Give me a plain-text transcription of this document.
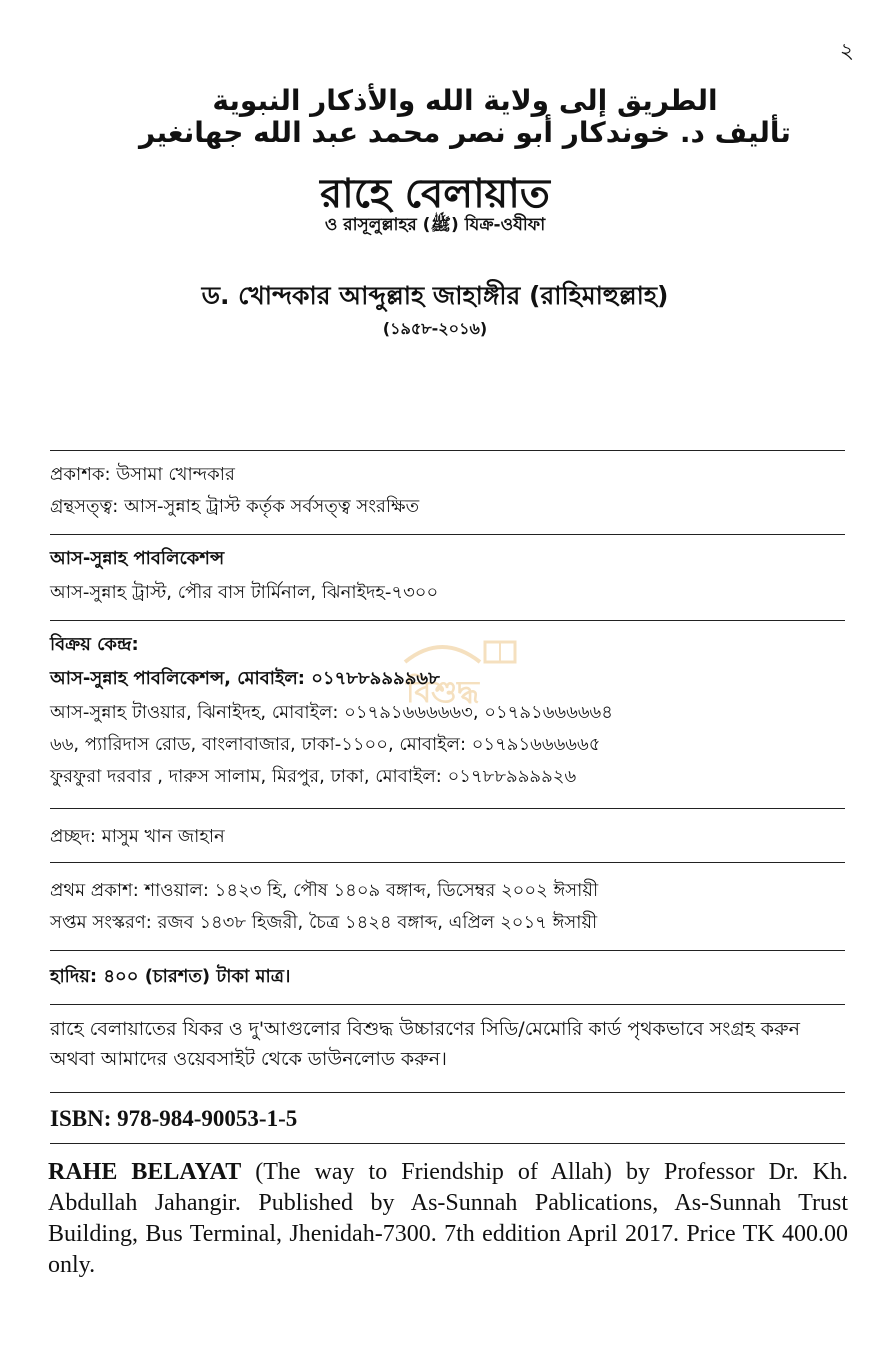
২
الطريق إلى ولاية الله والأذكار النبوية
تأليف د. خوندكار أبو نصر محمد عبد الله جهانغير
রাহে বেলায়াত
ও রাসূলুল্লাহর (ﷺ) যিক্র-ওযীফা
ড. খোন্দকার আব্দুল্লাহ জাহাঙ্গীর (রাহিমাহুল্লাহ)
(১৯৫৮-২০১৬)
প্রকাশক: উসামা খোন্দকার
গ্রন্থসত্ত্ব: আস-সুন্নাহ ট্রাস্ট কর্তৃক সর্বসত্ত্ব সংরক্ষিত
আস-সুন্নাহ পাবলিকেশন্স
আস-সুন্নাহ ট্রাস্ট, পৌর বাস টার্মিনাল, ঝিনাইদহ-৭৩০০
বিক্রয় কেন্দ্র:
বিশুদ্ধ
আস-সুন্নাহ পাবলিকেশন্স, মোবাইল: ০১৭৮৮৯৯৯৯৬৮
আস-সুন্নাহ টাওয়ার, ঝিনাইদহ, মোবাইল: ০১৭৯১৬৬৬৬৬৩, ০১৭৯১৬৬৬৬৬৪
৬৬, প্যারিদাস রোড, বাংলাবাজার, ঢাকা-১১০০, মোবাইল: ০১৭৯১৬৬৬৬৬৫
ফুরফুরা দরবার , দারুস সালাম, মিরপুর, ঢাকা, মোবাইল: ০১৭৮৮৯৯৯৯২৬
প্রচ্ছদ: মাসুম খান জাহান
প্রথম প্রকাশ: শাওয়াল: ১৪২৩ হি, পৌষ ১৪০৯ বঙ্গাব্দ, ডিসেম্বর ২০০২ ঈসায়ী
সপ্তম সংস্করণ: রজব ১৪৩৮ হিজরী, চৈত্র ১৪২৪ বঙ্গাব্দ, এপ্রিল ২০১৭ ঈসায়ী
হাদিয়: ৪০০ (চারশত) টাকা মাত্র।
রাহে বেলায়াতের যিকর ও দু'আগুলোর বিশুদ্ধ উচ্চারণের সিডি/মেমোরি কার্ড পৃথকভাবে সংগ্রহ করুন অথবা আমাদের ওয়েবসাইট থেকে ডাউনলোড করুন।
ISBN: 978-984-90053-1-5
RAHE BELAYAT (The way to Friendship of Allah) by Professor Dr. Kh. Abdullah Jahangir. Published by As-Sunnah Pablications, As-Sunnah Trust Building, Bus Terminal, Jhenidah-7300. 7th eddition April 2017. Price TK 400.00 only.
